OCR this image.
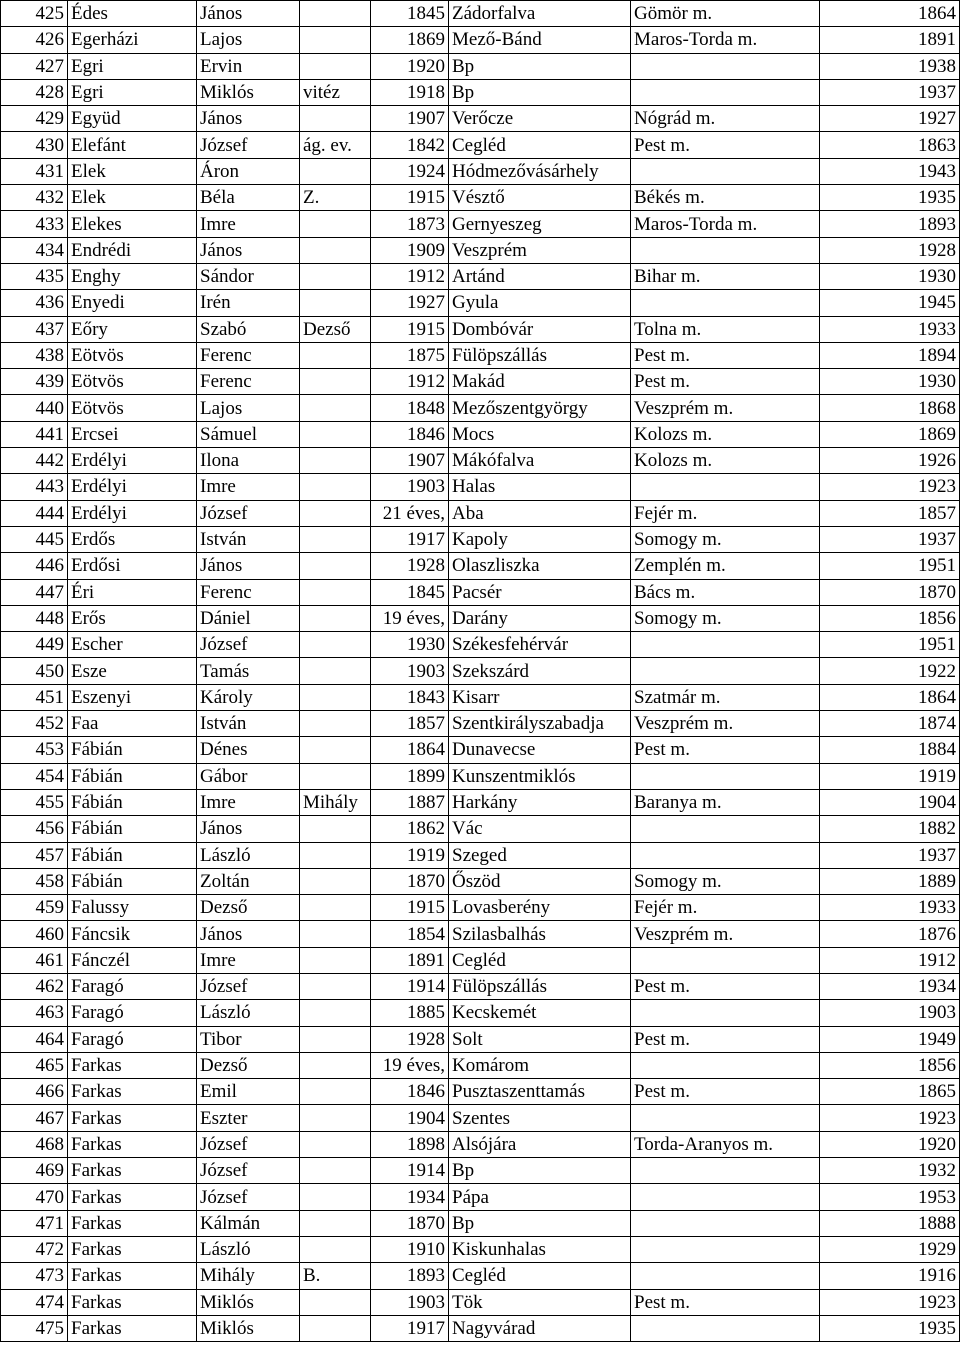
425	Édes	János		1845	Zádorfalva	Gömör m.	1864
426	Egerházi	Lajos		1869	Mező-Bánd	Maros-Torda m.	1891
427	Egri	Ervin		1920	Bp		1938
428	Egri	Miklós	vitéz	1918	Bp		1937
429	Együd	János		1907	Verőcze	Nógrád m.	1927
430	Elefánt	József	ág. ev.	1842	Cegléd	Pest m.	1863
431	Elek	Áron		1924	Hódmezővásárhely		1943
432	Elek	Béla	Z.	1915	Vésztő	Békés m.	1935
433	Elekes	Imre		1873	Gernyeszeg	Maros-Torda m.	1893
434	Endrédi	János		1909	Veszprém		1928
435	Enghy	Sándor		1912	Artánd	Bihar m.	1930
436	Enyedi	Irén		1927	Gyula		1945
437	Eőry	Szabó	Dezső	1915	Dombóvár	Tolna m.	1933
438	Eötvös	Ferenc		1875	Fülöpszállás	Pest m.	1894
439	Eötvös	Ferenc		1912	Makád	Pest m.	1930
440	Eötvös	Lajos		1848	Mezőszentgyörgy	Veszprém m.	1868
441	Ercsei	Sámuel		1846	Mocs	Kolozs m.	1869
442	Erdélyi	Ilona		1907	Mákófalva	Kolozs m.	1926
443	Erdélyi	Imre		1903	Halas		1923
444	Erdélyi	József		21 éves,	Aba	Fejér m.	1857
445	Erdős	István		1917	Kapoly	Somogy m.	1937
446	Erdősi	János		1928	Olaszliszka	Zemplén m.	1951
447	Éri	Ferenc		1845	Pacsér	Bács m.	1870
448	Erős	Dániel		19 éves,	Darány	Somogy m.	1856
449	Escher	József		1930	Székesfehérvár		1951
450	Esze	Tamás		1903	Szekszárd		1922
451	Eszenyi	Károly		1843	Kisarr	Szatmár m.	1864
452	Faa	István		1857	Szentkirályszabadja	Veszprém m.	1874
453	Fábián	Dénes		1864	Dunavecse	Pest m.	1884
454	Fábián	Gábor		1899	Kunszentmiklós		1919
455	Fábián	Imre	Mihály	1887	Harkány	Baranya m.	1904
456	Fábián	János		1862	Vác		1882
457	Fábián	László		1919	Szeged		1937
458	Fábián	Zoltán		1870	Őszöd	Somogy m.	1889
459	Falussy	Dezső		1915	Lovasberény	Fejér m.	1933
460	Fáncsik	János		1854	Szilasbalhás	Veszprém m.	1876
461	Fánczél	Imre		1891	Cegléd		1912
462	Faragó	József		1914	Fülöpszállás	Pest m.	1934
463	Faragó	László		1885	Kecskemét		1903
464	Faragó	Tibor		1928	Solt	Pest m.	1949
465	Farkas	Dezső		19 éves,	Komárom		1856
466	Farkas	Emil		1846	Pusztaszenttamás	Pest m.	1865
467	Farkas	Eszter		1904	Szentes		1923
468	Farkas	József		1898	Alsójára	Torda-Aranyos m.	1920
469	Farkas	József		1914	Bp		1932
470	Farkas	József		1934	Pápa		1953
471	Farkas	Kálmán		1870	Bp		1888
472	Farkas	László		1910	Kiskunhalas		1929
473	Farkas	Mihály	B.	1893	Cegléd		1916
474	Farkas	Miklós		1903	Tök	Pest m.	1923
475	Farkas	Miklós		1917	Nagyvárad		1935
